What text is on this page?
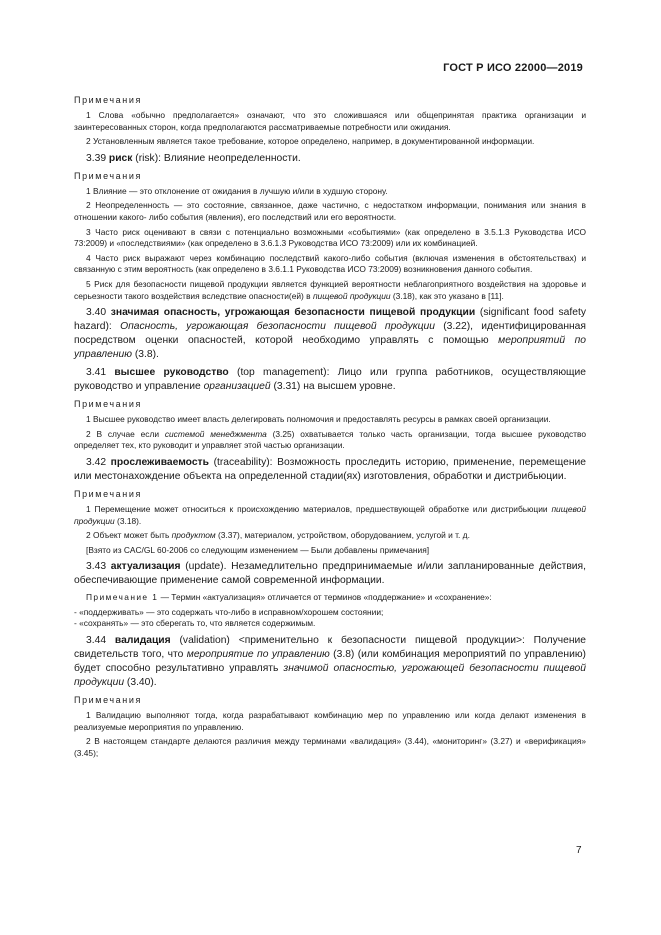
ГОСТ Р ИСО 22000—2019
Примечания
1 Слова «обычно предполагается» означают, что это сложившаяся или общепринятая практика организации и заинтересованных сторон, когда предполагаются рассматриваемые потребности или ожидания.
2 Установленным является такое требование, которое определено, например, в документированной информации.
3.39 риск (risk): Влияние неопределенности.
Примечания
1 Влияние — это отклонение от ожидания в лучшую и/или в худшую сторону.
2 Неопределенность — это состояние, связанное, даже частично, с недостатком информации, понимания или знания в отношении какого- либо события (явления), его последствий или его вероятности.
3 Часто риск оценивают в связи с потенциально возможными «событиями» (как определено в 3.5.1.3 Руководства ИСО 73:2009) и «последствиями» (как определено в 3.6.1.3 Руководства ИСО 73:2009) или их комбинацией.
4 Часто риск выражают через комбинацию последствий какого-либо события (включая изменения в обстоятельствах) и связанную с этим вероятность (как определено в 3.6.1.1 Руководства ИСО 73:2009) возникновения данного события.
5 Риск для безопасности пищевой продукции является функцией вероятности неблагоприятного воздействия на здоровье и серьезности такого воздействия вследствие опасности(ей) в пищевой продукции (3.18), как это указано в [11].
3.40 значимая опасность, угрожающая безопасности пищевой продукции (significant food safety hazard): Опасность, угрожающая безопасности пищевой продукции (3.22), идентифицированная посредством оценки опасностей, которой необходимо управлять с помощью мероприятий по управлению (3.8).
3.41 высшее руководство (top management): Лицо или группа работников, осуществляющие руководство и управление организацией (3.31) на высшем уровне.
Примечания
1 Высшее руководство имеет власть делегировать полномочия и предоставлять ресурсы в рамках своей организации.
2 В случае если системой менеджмента (3.25) охватывается только часть организации, тогда высшее руководство определяет тех, кто руководит и управляет этой частью организации.
3.42 прослеживаемость (traceability): Возможность проследить историю, применение, перемещение или местонахождение объекта на определенной стадии(ях) изготовления, обработки и дистрибьюции.
Примечания
1 Перемещение может относиться к происхождению материалов, предшествующей обработке или дистрибьюции пищевой продукции (3.18).
2 Объект может быть продуктом (3.37), материалом, устройством, оборудованием, услугой и т. д.
[Взято из CAC/GL 60-2006 со следующим изменением — Были добавлены примечания]
3.43 актуализация (update). Незамедлительно предпринимаемые и/или запланированные действия, обеспечивающие применение самой современной информации.
Примечание 1 — Термин «актуализация» отличается от терминов «поддержание» и «сохранение»:
- «поддерживать» — это содержать что-либо в исправном/хорошем состоянии;
- «сохранять» — это сберегать то, что является содержимым.
3.44 валидация (validation) <применительно к безопасности пищевой продукции>: Получение свидетельств того, что мероприятие по управлению (3.8) (или комбинация мероприятий по управлению) будет способно результативно управлять значимой опасностью, угрожающей безопасности пищевой продукции (3.40).
Примечания
1 Валидацию выполняют тогда, когда разрабатывают комбинацию мер по управлению или когда делают изменения в реализуемые мероприятия по управлению.
2 В настоящем стандарте делаются различия между терминами «валидация» (3.44), «мониторинг» (3.27) и «верификация» (3.45);
7
